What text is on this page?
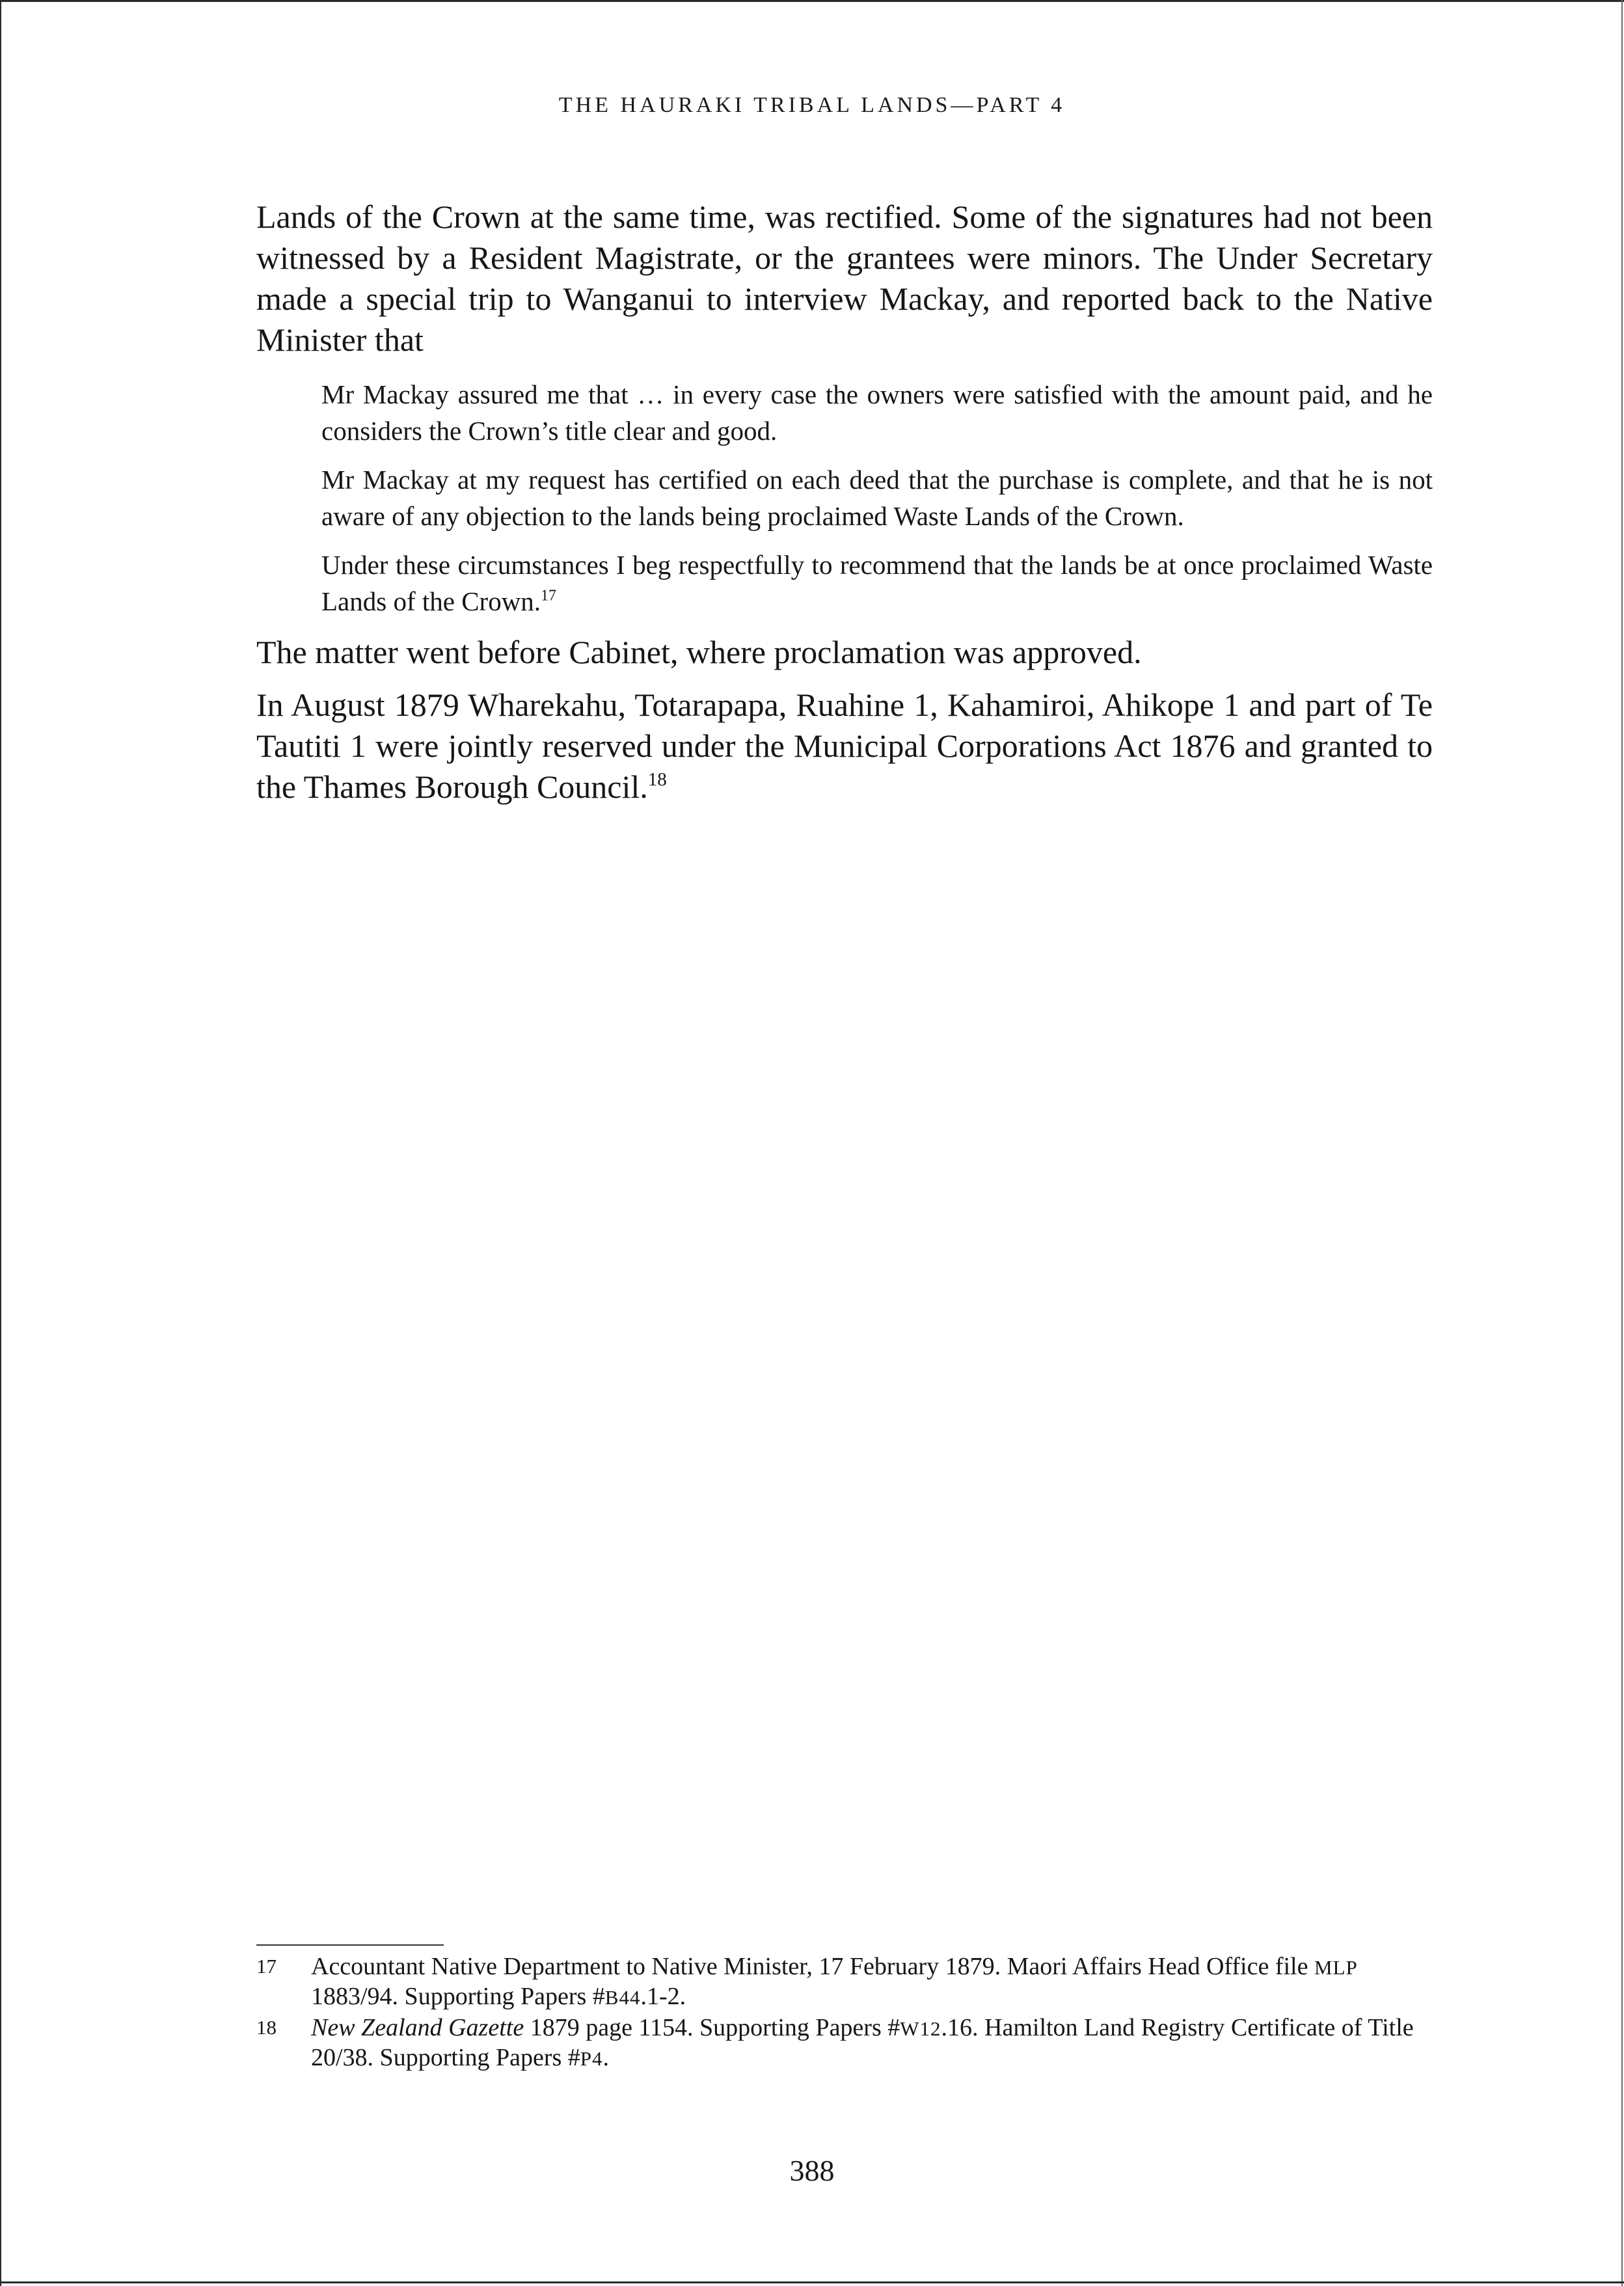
THE HAURAKI TRIBAL LANDS—PART 4

Lands of the Crown at the same time, was rectified. Some of the signatures had not been witnessed by a Resident Magistrate, or the grantees were minors. The Under Secretary made a special trip to Wanganui to interview Mackay, and reported back to the Native Minister that

Mr Mackay assured me that … in every case the owners were satisfied with the amount paid, and he considers the Crown’s title clear and good.

Mr Mackay at my request has certified on each deed that the purchase is complete, and that he is not aware of any objection to the lands being proclaimed Waste Lands of the Crown.

Under these circumstances I beg respectfully to recommend that the lands be at once proclaimed Waste Lands of the Crown.$^{17}$

The matter went before Cabinet, where proclamation was approved.

In August 1879 Wharekahu, Totarapapa, Ruahine 1, Kahamiroi, Ahikope 1 and part of Te Tautiti 1 were jointly reserved under the Municipal Corporations Act 1876 and granted to the Thames Borough Council.$^{18}$

17 Accountant Native Department to Native Minister, 17 February 1879. Maori Affairs Head Office file MLP 1883/94. Supporting Papers #B44.1-2.
18 New Zealand Gazette 1879 page 1154. Supporting Papers #W12.16. Hamilton Land Registry Certificate of Title 20/38. Supporting Papers #P4.
388
